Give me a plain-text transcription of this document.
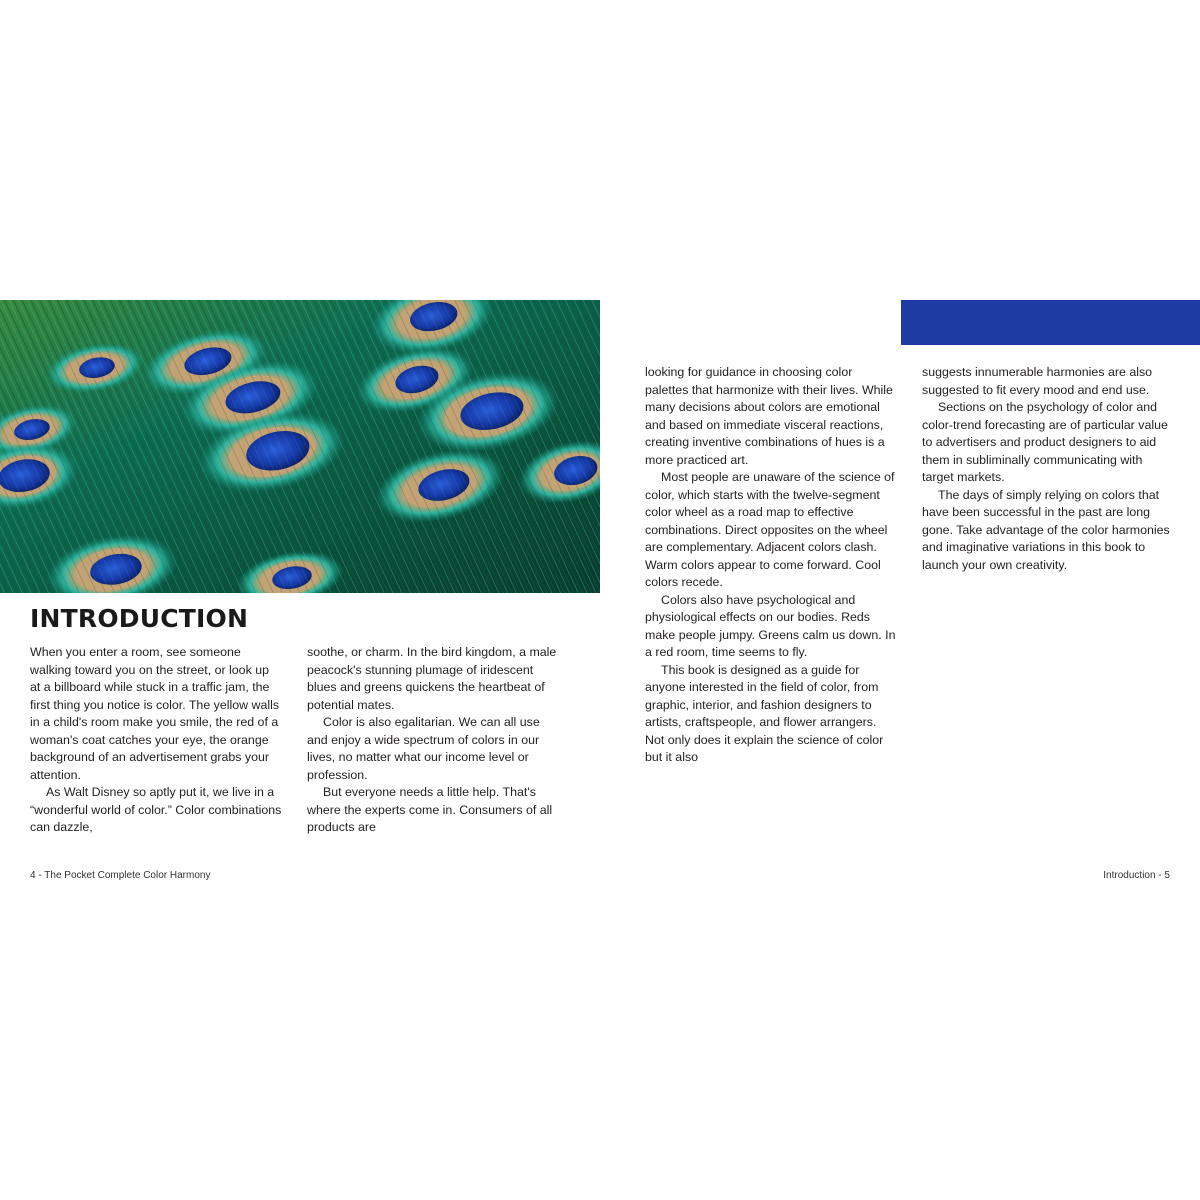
INTRODUCTION

When you enter a room, see someone walking toward you on the street, or look up at a billboard while stuck in a traffic jam, the first thing you notice is color. The yellow walls in a child's room make you smile, the red of a woman's coat catches your eye, the orange background of an advertisement grabs your attention.

As Walt Disney so aptly put it, we live in a “wonderful world of color.” Color combinations can dazzle,

soothe, or charm. In the bird kingdom, a male peacock's stunning plumage of iridescent blues and greens quickens the heartbeat of potential mates.

Color is also egalitarian. We can all use and enjoy a wide spectrum of colors in our lives, no matter what our income level or profession.

But everyone needs a little help. That's where the experts come in. Consumers of all products are

looking for guidance in choosing color palettes that harmonize with their lives. While many decisions about colors are emotional and based on immediate visceral reactions, creating inventive combinations of hues is a more practiced art.

Most people are unaware of the science of color, which starts with the twelve-segment color wheel as a road map to effective combinations. Direct opposites on the wheel are complementary. Adjacent colors clash. Warm colors appear to come forward. Cool colors recede.

Colors also have psychological and physiological effects on our bodies. Reds make people jumpy. Greens calm us down. In a red room, time seems to fly.

This book is designed as a guide for anyone interested in the field of color, from graphic, interior, and fashion designers to artists, craftspeople, and flower arrangers. Not only does it explain the science of color but it also

suggests innumerable harmonies are also suggested to fit every mood and end use.

Sections on the psychology of color and color-trend forecasting are of particular value to advertisers and product designers to aid them in subliminally communicating with target markets.

The days of simply relying on colors that have been successful in the past are long gone. Take advantage of the color harmonies and imaginative variations in this book to launch your own creativity.

4 - The Pocket Complete Color Harmony	Introduction - 5
